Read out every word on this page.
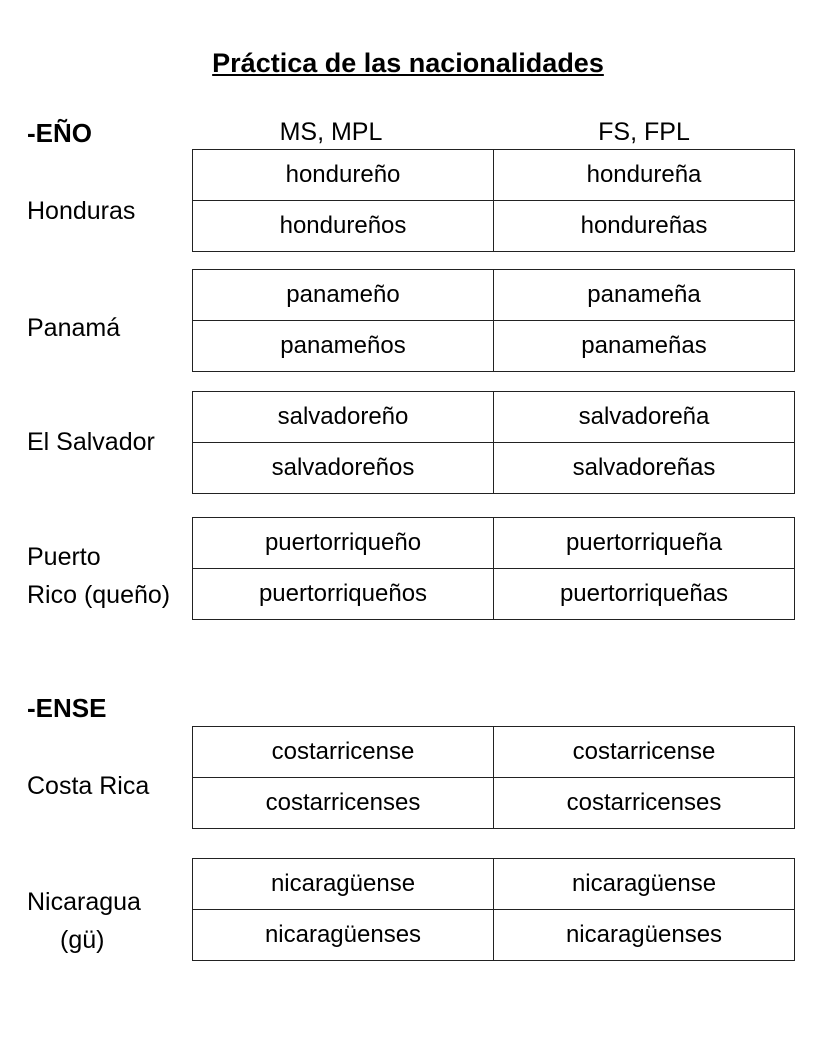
Práctica de las nacionalidades
-EÑO	MS, MPL	FS, FPL
Honduras
hondureño	hondureña
hondureños	hondureñas
Panamá
panameño	panameña
panameños	panameñas
El Salvador
salvadoreño	salvadoreña
salvadoreños	salvadoreñas
Puerto
Rico (queño)
puertorriqueño	puertorriqueña
puertorriqueños	puertorriqueñas
-ENSE
Costa Rica
costarricense	costarricense
costarricenses	costarricenses
Nicaragua
(gü)
nicaragüense	nicaragüense
nicaragüenses	nicaragüenses
